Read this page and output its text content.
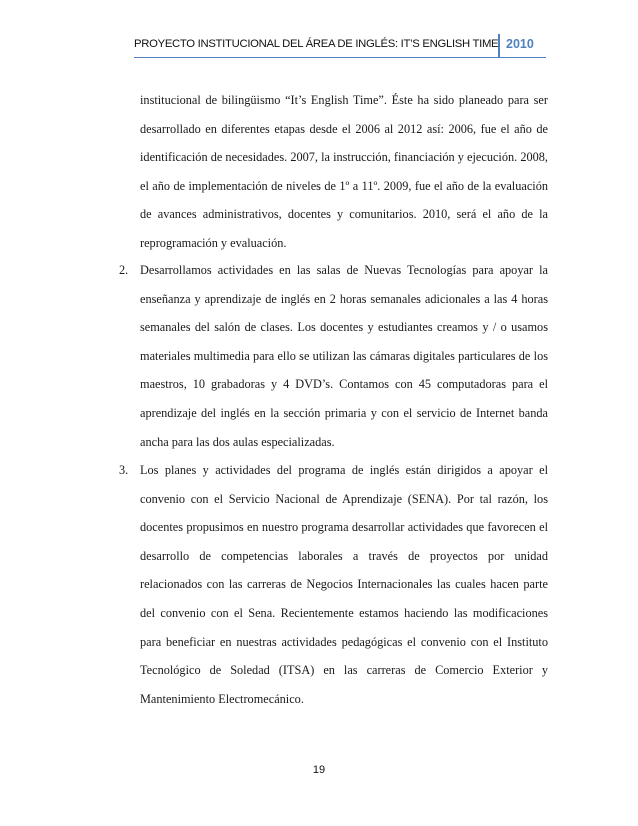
PROYECTO INSTITUCIONAL DEL ÁREA DE INGLÉS: IT’S ENGLISH TIME 2010

institucional de bilingüismo “It’s English Time”. Éste ha sido planeado para ser desarrollado en diferentes etapas desde el 2006 al 2012 así: 2006, fue el año de identificación de necesidades. 2007, la instrucción, financiación y ejecución. 2008, el año de implementación de niveles de 1º a 11º. 2009, fue el año de la evaluación de avances administrativos, docentes y comunitarios. 2010, será el año de la reprogramación y evaluación.

2. Desarrollamos actividades en las salas de Nuevas Tecnologías para apoyar la enseñanza y aprendizaje de inglés en 2 horas semanales adicionales a las 4 horas semanales del salón de clases. Los docentes y estudiantes creamos y / o usamos materiales multimedia para ello se utilizan las cámaras digitales particulares de los maestros, 10 grabadoras y 4 DVD’s. Contamos con 45 computadoras para el aprendizaje del inglés en la sección primaria y con el servicio de Internet banda ancha para las dos aulas especializadas.

3. Los planes y actividades del programa de inglés están dirigidos a apoyar el convenio con el Servicio Nacional de Aprendizaje (SENA). Por tal razón, los docentes propusimos en nuestro programa desarrollar actividades que favorecen el desarrollo de competencias laborales a través de proyectos por unidad relacionados con las carreras de Negocios Internacionales las cuales hacen parte del convenio con el Sena. Recientemente estamos haciendo las modificaciones para beneficiar en nuestras actividades pedagógicas el convenio con el Instituto Tecnológico de Soledad (ITSA) en las carreras de Comercio Exterior y Mantenimiento Electromecánico.

19
